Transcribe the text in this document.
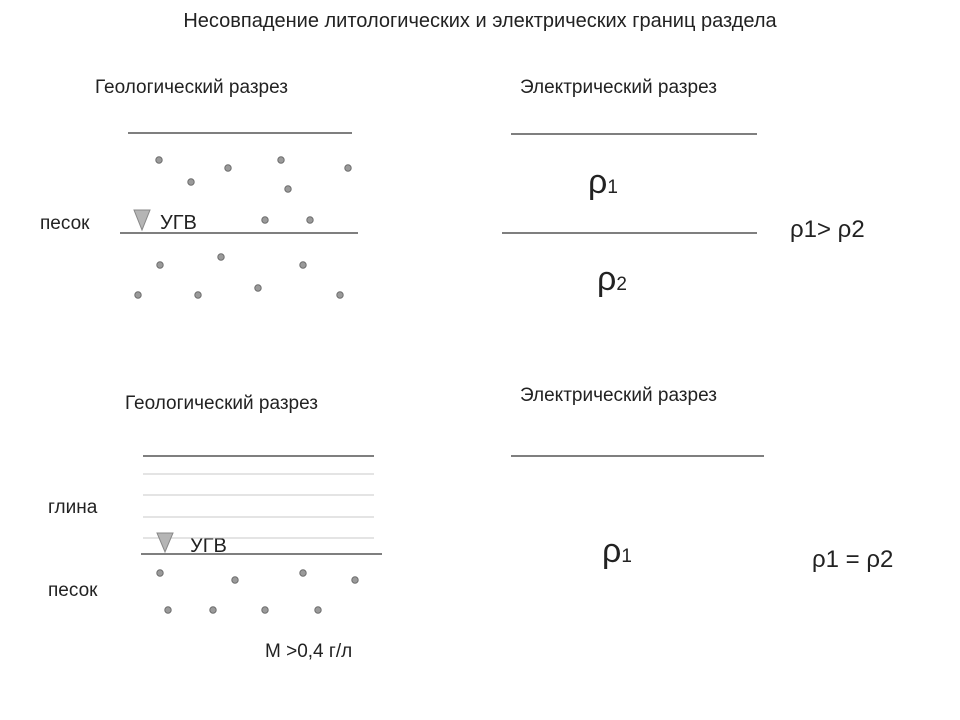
Несовпадение литологических и электрических границ раздела
Геологический разрез	Электрический разрез
песок	УГВ
ρ1
ρ2
ρ1> ρ2
Геологический разрез	Электрический разрез
глина
песок
УГВ	ρ1	ρ1 = ρ2
М >0,4 г/л
